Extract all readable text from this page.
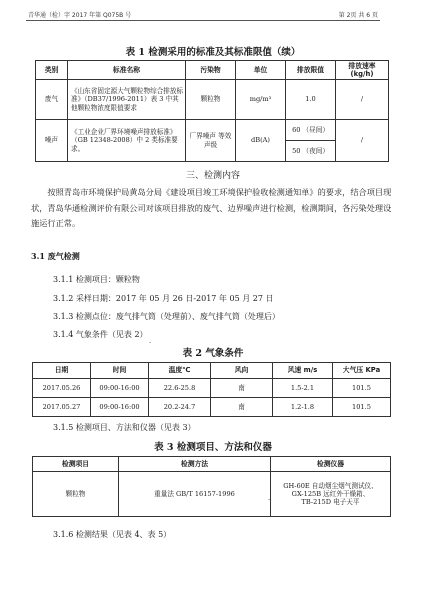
青华通（检）字 2017 年第 Q075B 号	第 2页 共 6 页
表 1 检测采用的标准及其标准限值（续）
类别	标准名称	污染物	单位	排放限值	排放速率 (kg/h)
废气	《山东省固定源大气颗粒物综合排放标准》（DB37/1996-2011）表 3 中其他颗粒物浓度限值要求	颗粒物	mg/m³	1.0	/
噪声	《工业企业厂界环境噪声排放标准》（GB 12348-2008）中 2 类标准要求。	厂界噪声 等效声级	dB(A)	60 （昼间）	/
				50 （夜间）	
三、检测内容

按照青岛市环境保护局黄岛分局《建设项目竣工环境保护验收检测通知单》的要求，结合项目现状，青岛华通检测评价有限公司对该项目排放的废气、边界噪声进行检测，检测期间，各污染处理设施运行正常。

3.1 废气检测
3.1.1 检测项目：颗粒物
3.1.2 采样日期：2017 年 05 月 26 日-2017 年 05 月 27 日
3.1.3 检测点位：废气排气筒（处理前）、废气排气筒（处理后）
3.1.4 气象条件（见表 2）
表 2 气象条件
日期	时间	温度℃	风向	风速 m/s	大气压 KPa
2017.05.26	09:00-16:00	22.6-25.8	南	1.5-2.1	101.5
2017.05.27	09:00-16:00	20.2-24.7	南	1.2-1.8	101.5
3.1.5 检测项目、方法和仪器（见表 3）
表 3 检测项目、方法和仪器
检测项目	检测方法	检测仪器
颗粒物	重量法 GB/T 16157-1996	GH-60E 自动烟尘烟气测试仪、
GX-125B 远红外干燥箱、
TB-215D 电子天平
3.1.6 检测结果（见表 4、表 5）
·
·
